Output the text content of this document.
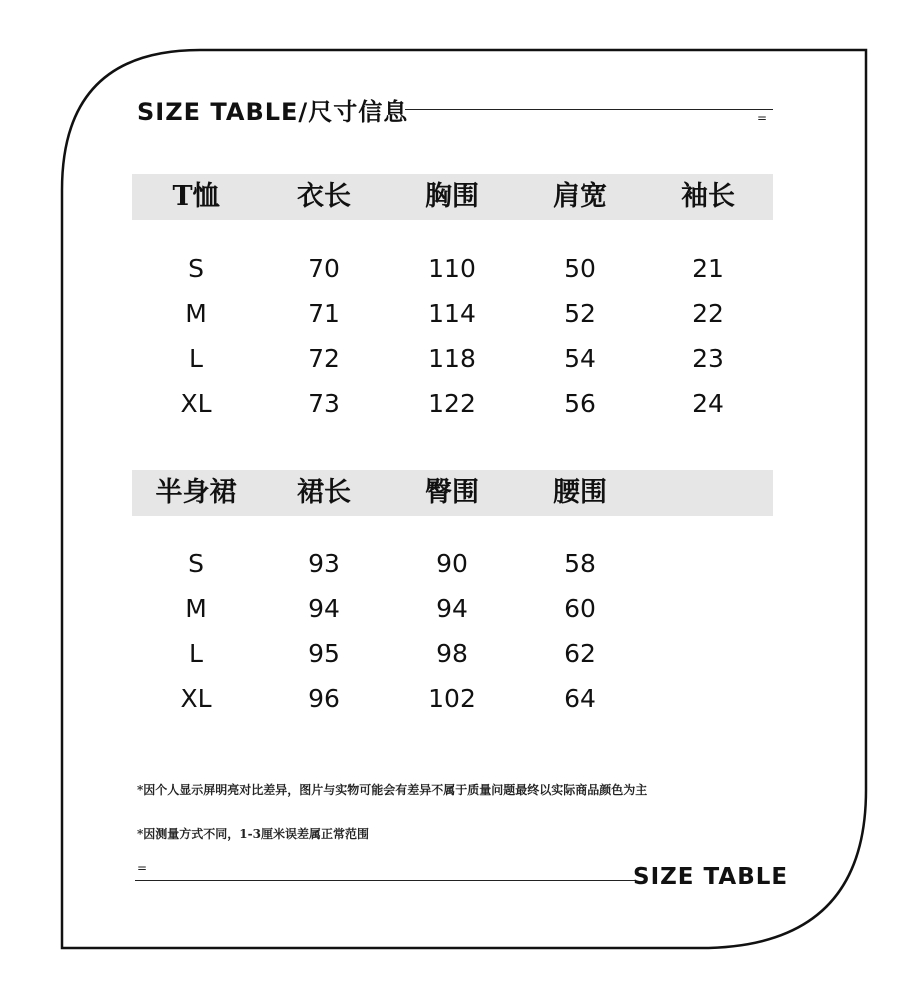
SIZE TABLE/尺寸信息	=
T恤	衣长	胸围	肩宽	袖长
S	70	110	50	21
M	71	114	52	22
L	72	118	54	23
XL	73	122	56	24
半身裙	裙长	臀围	腰围
S	93	90	58
M	94	94	60
L	95	98	62
XL	96	102	64
*因个人显示屏明亮对比差异，图片与实物可能会有差异不属于质量问题最终以实际商品颜色为主
*因测量方式不同，1-3厘米误差属正常范围
=	SIZE TABLE
